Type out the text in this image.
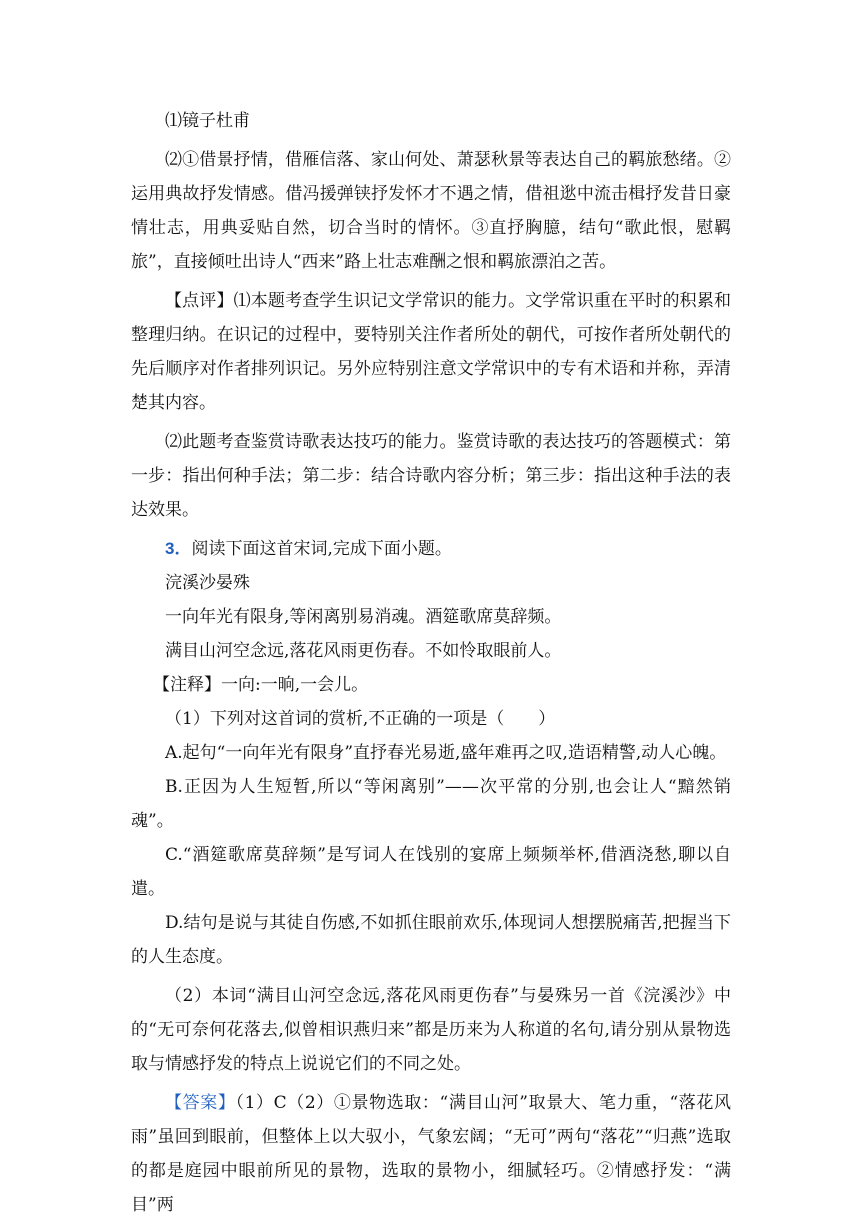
⑴镜子杜甫

⑵①借景抒情，借雁信落、家山何处、萧瑟秋景等表达自己的羁旅愁绪。②运用典故抒发情感。借冯援弹铗抒发怀才不遇之情，借祖逖中流击楫抒发昔日豪情壮志，用典妥贴自然，切合当时的情怀。③直抒胸臆，结句“歌此恨，慰羁旅”，直接倾吐出诗人“西来”路上壮志难酬之恨和羁旅漂泊之苦。

【点评】⑴本题考查学生识记文学常识的能力。文学常识重在平时的积累和整理归纳。在识记的过程中，要特别关注作者所处的朝代，可按作者所处朝代的先后顺序对作者排列识记。另外应特别注意文学常识中的专有术语和并称，弄清楚其内容。

⑵此题考查鉴赏诗歌表达技巧的能力。鉴赏诗歌的表达技巧的答题模式：第一步：指出何种手法；第二步：结合诗歌内容分析；第三步：指出这种手法的表达效果。

3．阅读下面这首宋词,完成下面小题。

浣溪沙晏殊

一向年光有限身,等闲离别易消魂。酒筵歌席莫辞频。

满目山河空念远,落花风雨更伤春。不如怜取眼前人。

【注释】一向:一晌,一会儿。

（1）下列对这首词的赏析,不正确的一项是（　　）

A.起句“一向年光有限身”直抒春光易逝,盛年难再之叹,造语精警,动人心魄。

B.正因为人生短暂,所以“等闲离别”——次平常的分别,也会让人“黯然销魂”。

C.“酒筵歌席莫辞频”是写词人在饯别的宴席上频频举杯,借酒浇愁,聊以自遣。

D.结句是说与其徒自伤感,不如抓住眼前欢乐,体现词人想摆脱痛苦,把握当下的人生态度。

（2）本词“满目山河空念远,落花风雨更伤春”与晏殊另一首《浣溪沙》中的“无可奈何花落去,似曾相识燕归来”都是历来为人称道的名句,请分别从景物选取与情感抒发的特点上说说它们的不同之处。

【答案】（1）C（2）①景物选取：“满目山河”取景大、笔力重，“落花风雨”虽回到眼前，但整体上以大驭小，气象宏阔；“无可”两句“落花”“归燕”选取的都是庭园中眼前所见的景物，选取的景物小，细腻轻巧。②情感抒发：“满目”两
